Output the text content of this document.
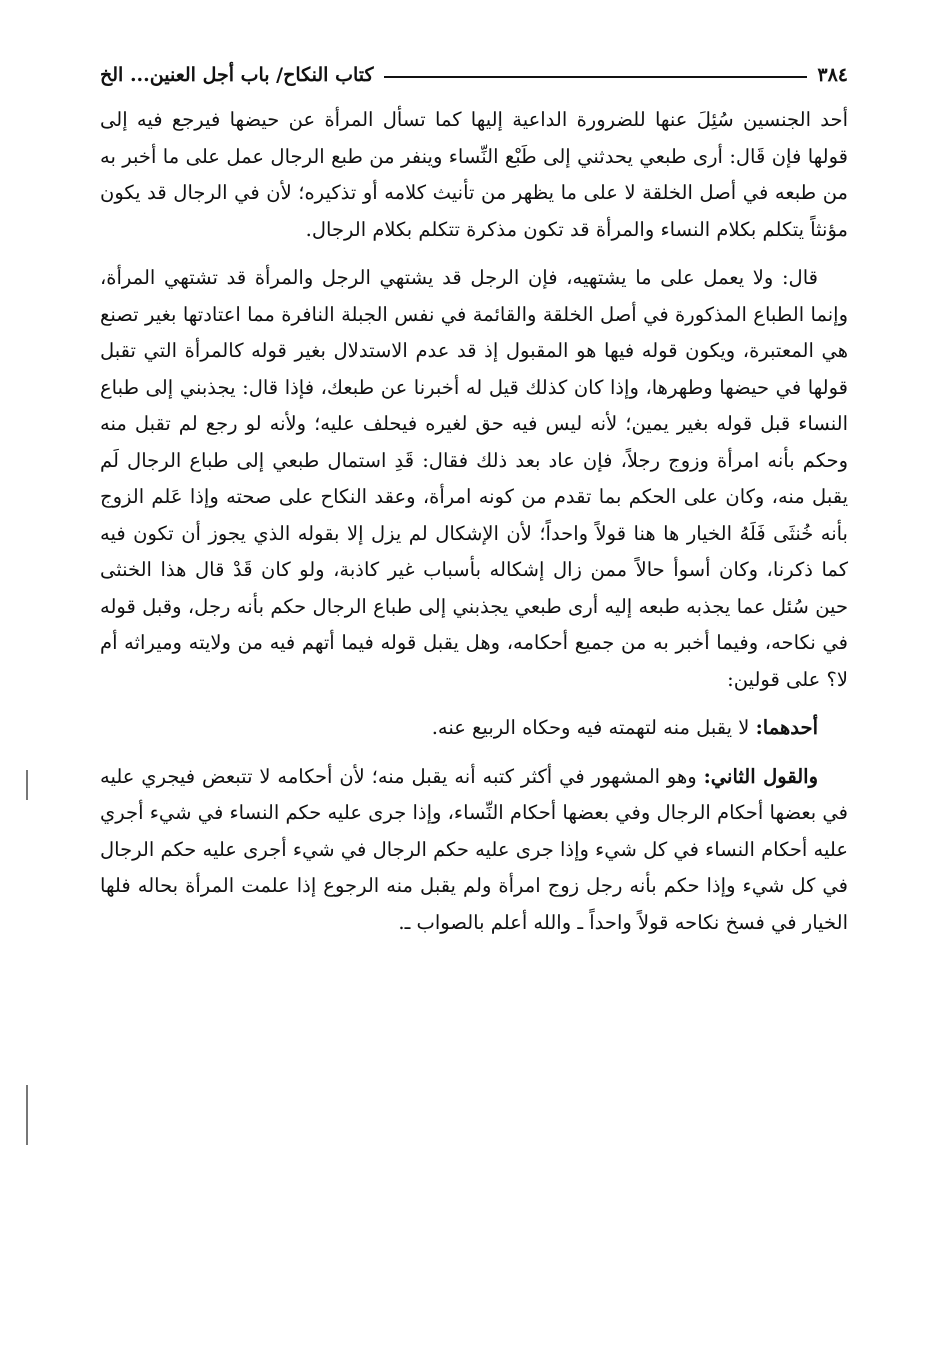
٣٨٤
كتاب النكاح/ باب أجل العنين... الخ

أحد الجنسين سُئِلَ عنها للضرورة الداعية إليها كما تسأل المرأة عن حيضها فيرجع فيه إلى قولها فإن قَال: أرى طبعي يحدثني إلى طَبْع النِّساء وينفر من طبع الرجال عمل على ما أخبر به من طبعه في أصل الخلقة لا على ما يظهر من تأنيث كلامه أو تذكيره؛ لأن في الرجال قد يكون مؤنثاً يتكلم بكلام النساء والمرأة قد تكون مذكرة تتكلم بكلام الرجال.

قال: ولا يعمل على ما يشتهيه، فإن الرجل قد يشتهي الرجل والمرأة قد تشتهي المرأة، وإنما الطباع المذكورة في أصل الخلقة والقائمة في نفس الجبلة النافرة مما اعتادتها بغير تصنع هي المعتبرة، ويكون قوله فيها هو المقبول إذ قد عدم الاستدلال بغير قوله كالمرأة التي تقبل قولها في حيضها وطهرها، وإذا كان كذلك قيل له أخبرنا عن طبعك، فإذا قال: يجذبني إلى طباع النساء قبل قوله بغير يمين؛ لأنه ليس فيه حق لغيره فيحلف عليه؛ ولأنه لو رجع لم تقبل منه وحكم بأنه امرأة وزوج رجلاً، فإن عاد بعد ذلك فقال: قَدِ استمال طبعي إلى طباع الرجال لَم يقبل منه، وكان على الحكم بما تقدم من كونه امرأة، وعقد النكاح على صحته وإذا عَلم الزوج بأنه خُنثَى فَلَهُ الخيار ها هنا قولاً واحداً؛ لأن الإشكال لم يزل إلا بقوله الذي يجوز أن تكون فيه كما ذكرنا، وكان أسوأ حالاً ممن زال إشكاله بأسباب غير كاذبة، ولو كان قَدْ قال هذا الخنثى حين سُئل عما يجذبه طبعه إليه أرى طبعي يجذبني إلى طباع الرجال حكم بأنه رجل، وقبل قوله في نكاحه، وفيما أخبر به من جميع أحكامه، وهل يقبل قوله فيما أتهم فيه من ولايته وميراثه أم لا؟ على قولين:

أحدهما: لا يقبل منه لتهمته فيه وحكاه الربيع عنه.

والقول الثاني: وهو المشهور في أكثر كتبه أنه يقبل منه؛ لأن أحكامه لا تتبعض فيجري عليه في بعضها أحكام الرجال وفي بعضها أحكام النِّساء، وإذا جرى عليه حكم النساء في شيء أجري عليه أحكام النساء في كل شيء وإذا جرى عليه حكم الرجال في شيء أجرى عليه حكم الرجال في كل شيء وإذا حكم بأنه رجل زوج امرأة ولم يقبل منه الرجوع إذا علمت المرأة بحاله فلها الخيار في فسخ نكاحه قولاً واحداً ـ والله أعلم بالصواب ـ.
